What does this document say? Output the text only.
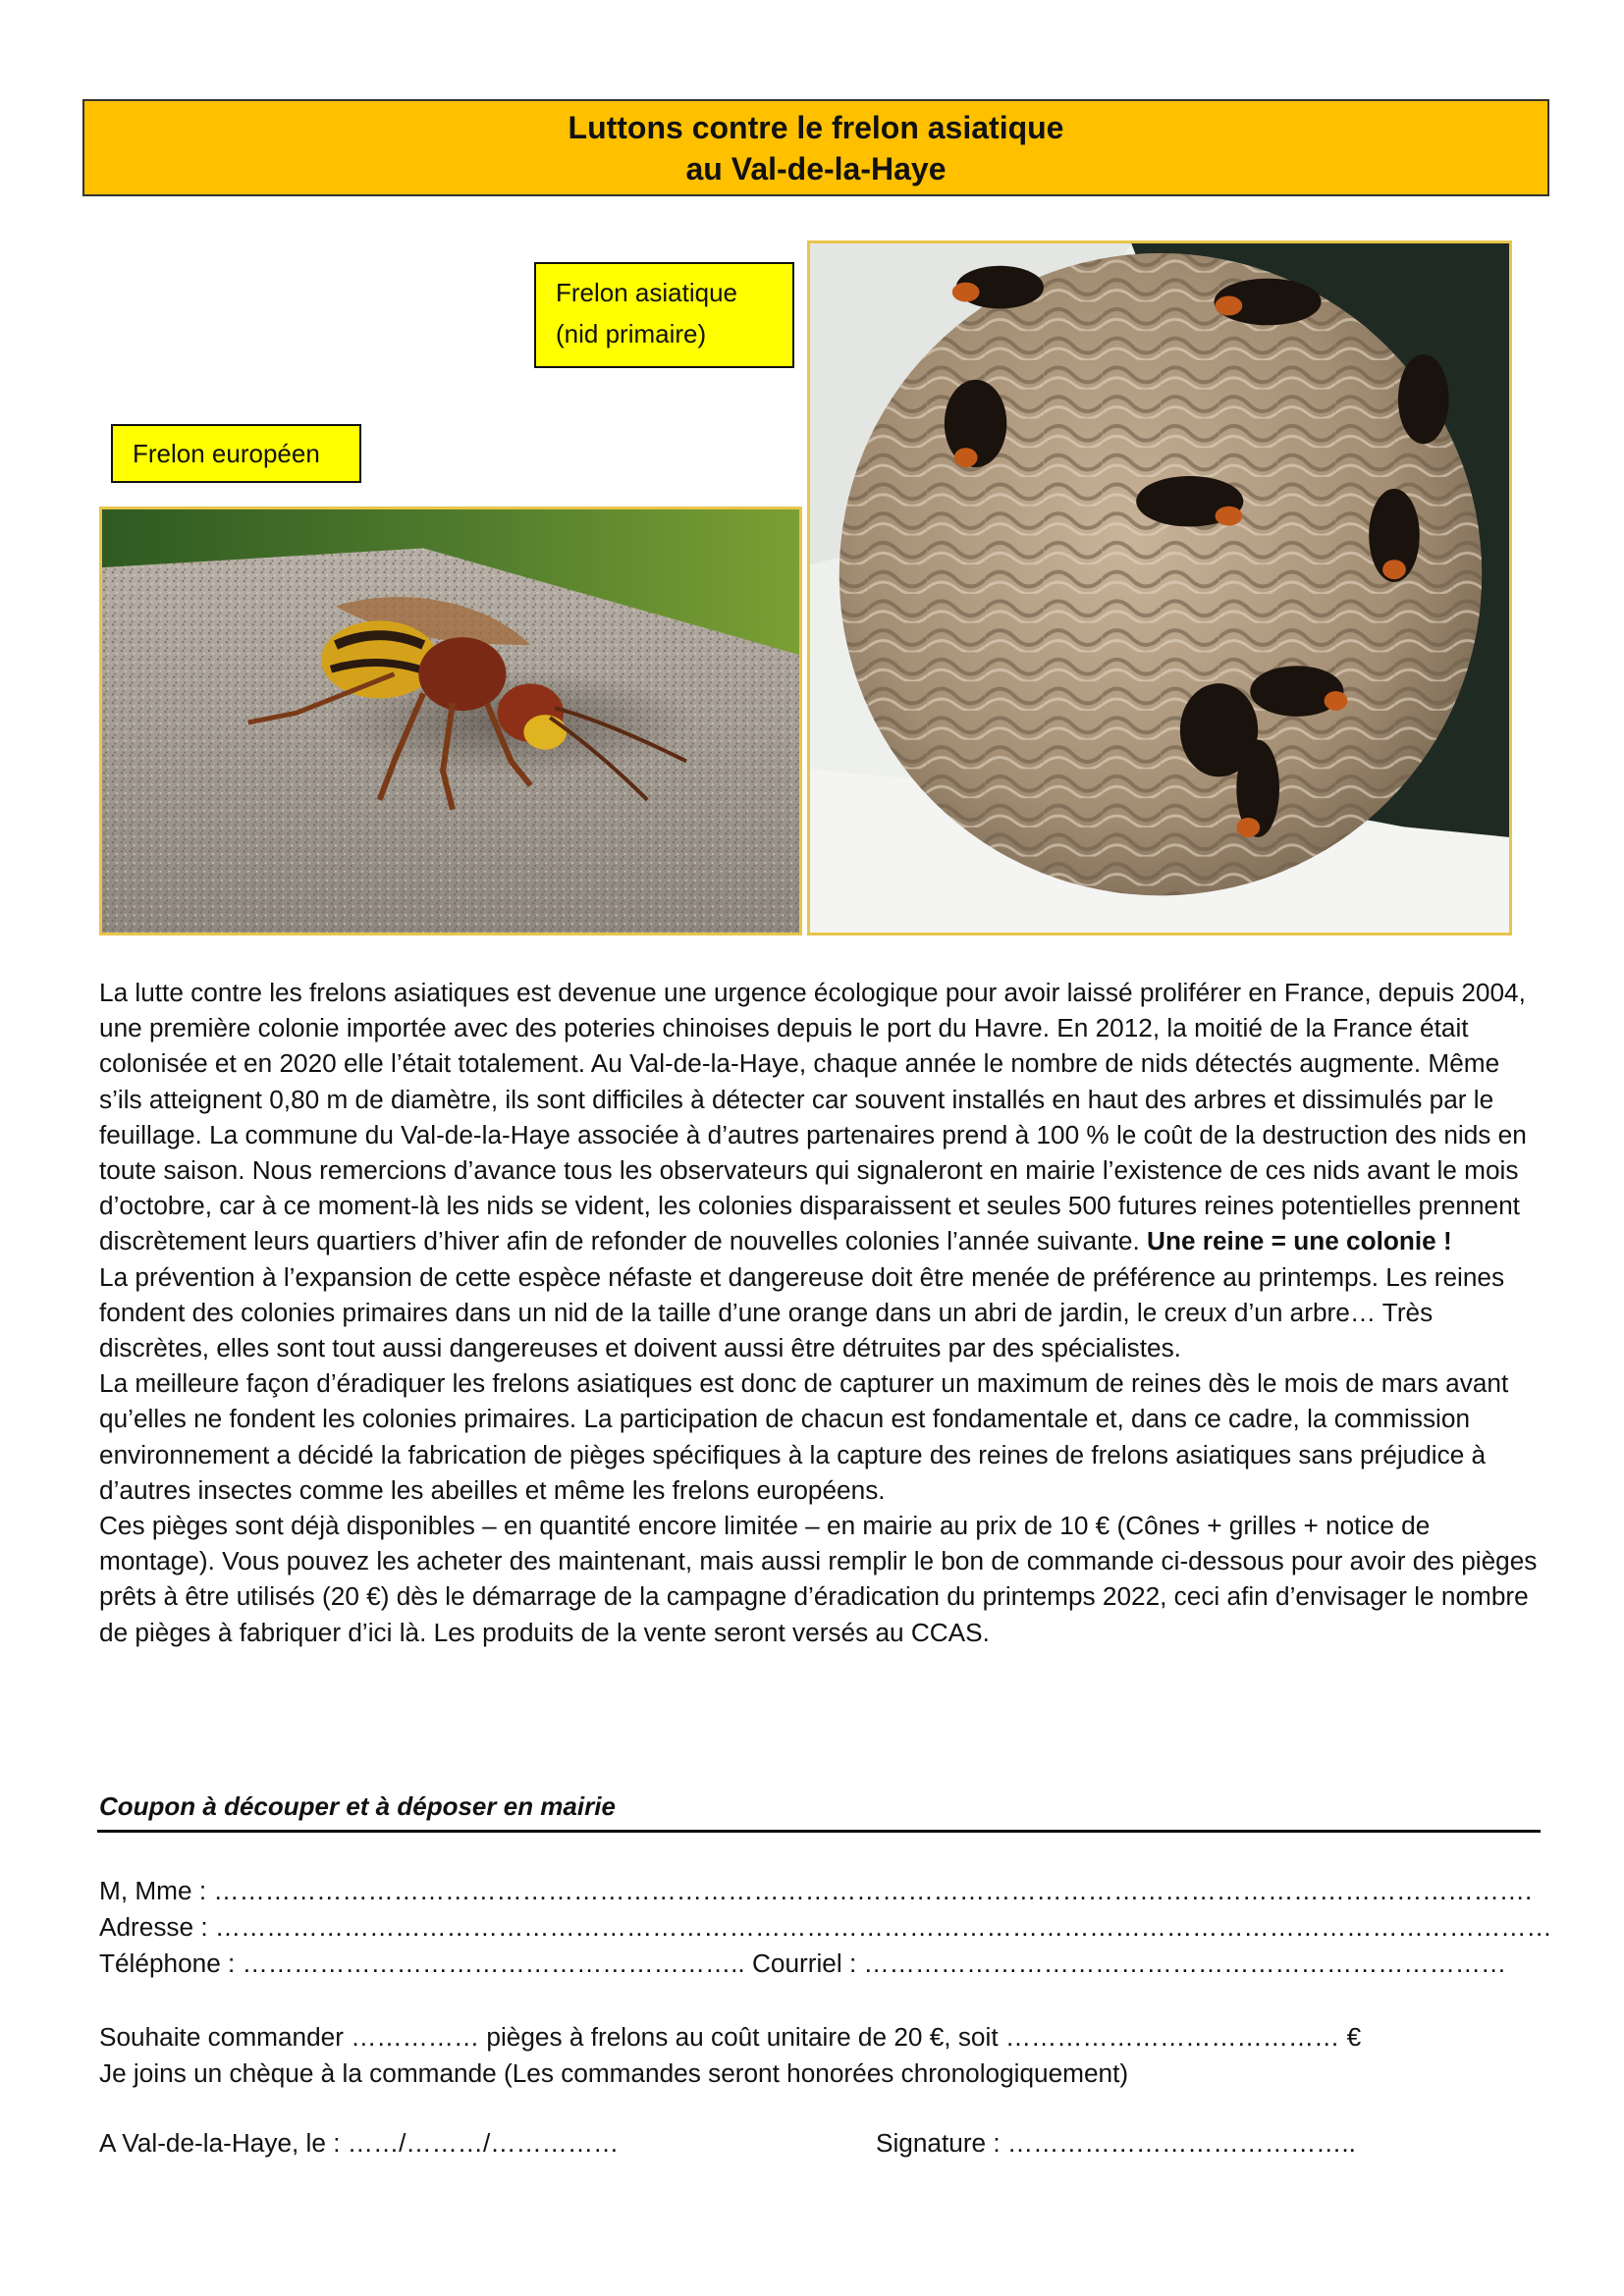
Luttons contre le frelon asiatique
au Val-de-la-Haye
Frelon asiatique
(nid primaire)
Frelon européen

La lutte contre les frelons asiatiques est devenue une urgence écologique pour avoir laissé proliférer en France, depuis 2004, une première colonie importée avec des poteries chinoises depuis le port du Havre. En 2012, la moitié de la France était colonisée et en 2020 elle l’était totalement. Au Val-de-la-Haye, chaque année le nombre de nids détectés augmente. Même s’ils atteignent 0,80 m de diamètre, ils sont difficiles à détecter car souvent installés en haut des arbres et dissimulés par le feuillage. La commune du Val-de-la-Haye associée à d’autres partenaires prend à 100 % le coût de la destruction des nids en toute saison. Nous remercions d’avance tous les observateurs qui signaleront en mairie l’existence de ces nids avant le mois d’octobre, car à ce moment-là les nids se vident, les colonies disparaissent et seules 500 futures reines potentielles prennent discrètement leurs quartiers d’hiver afin de refonder de nouvelles colonies l’année suivante. Une reine = une colonie !

La prévention à l’expansion de cette espèce néfaste et dangereuse doit être menée de préférence au printemps. Les reines fondent des colonies primaires dans un nid de la taille d’une orange dans un abri de jardin, le creux d’un arbre… Très discrètes, elles sont tout aussi dangereuses et doivent aussi être détruites par des spécialistes.

La meilleure façon d’éradiquer les frelons asiatiques est donc de capturer un maximum de reines dès le mois de mars avant qu’elles ne fondent les colonies primaires. La participation de chacun est fondamentale et, dans ce cadre, la commission environnement a décidé la fabrication de pièges spécifiques à la capture des reines de frelons asiatiques sans préjudice à d’autres insectes comme les abeilles et même les frelons européens.

Ces pièges sont déjà disponibles – en quantité encore limitée – en mairie au prix de 10 € (Cônes + grilles + notice de montage). Vous pouvez les acheter des maintenant, mais aussi remplir le bon de commande ci-dessous pour avoir des pièges prêts à être utilisés (20 €) dès le démarrage de la campagne d’éradication du printemps 2022, ceci afin d’envisager le nombre de pièges à fabriquer d’ici là. Les produits de la vente seront versés au CCAS.

Coupon à découper et à déposer en mairie
M, Mme : ……………………………………………………………………………………………………………………………………….
Adresse : …………………………………………………………………………………………………………………………………………
Téléphone : ………………………………………………….. Courriel : …………………………………………………………………
Souhaite commander …………… pièges à frelons au coût unitaire de 20 €, soit ………………………………… €
Je joins un chèque à la commande (Les commandes seront honorées chronologiquement)
A Val-de-la-Haye, le : ……/………/……………	Signature : …………………………………..
